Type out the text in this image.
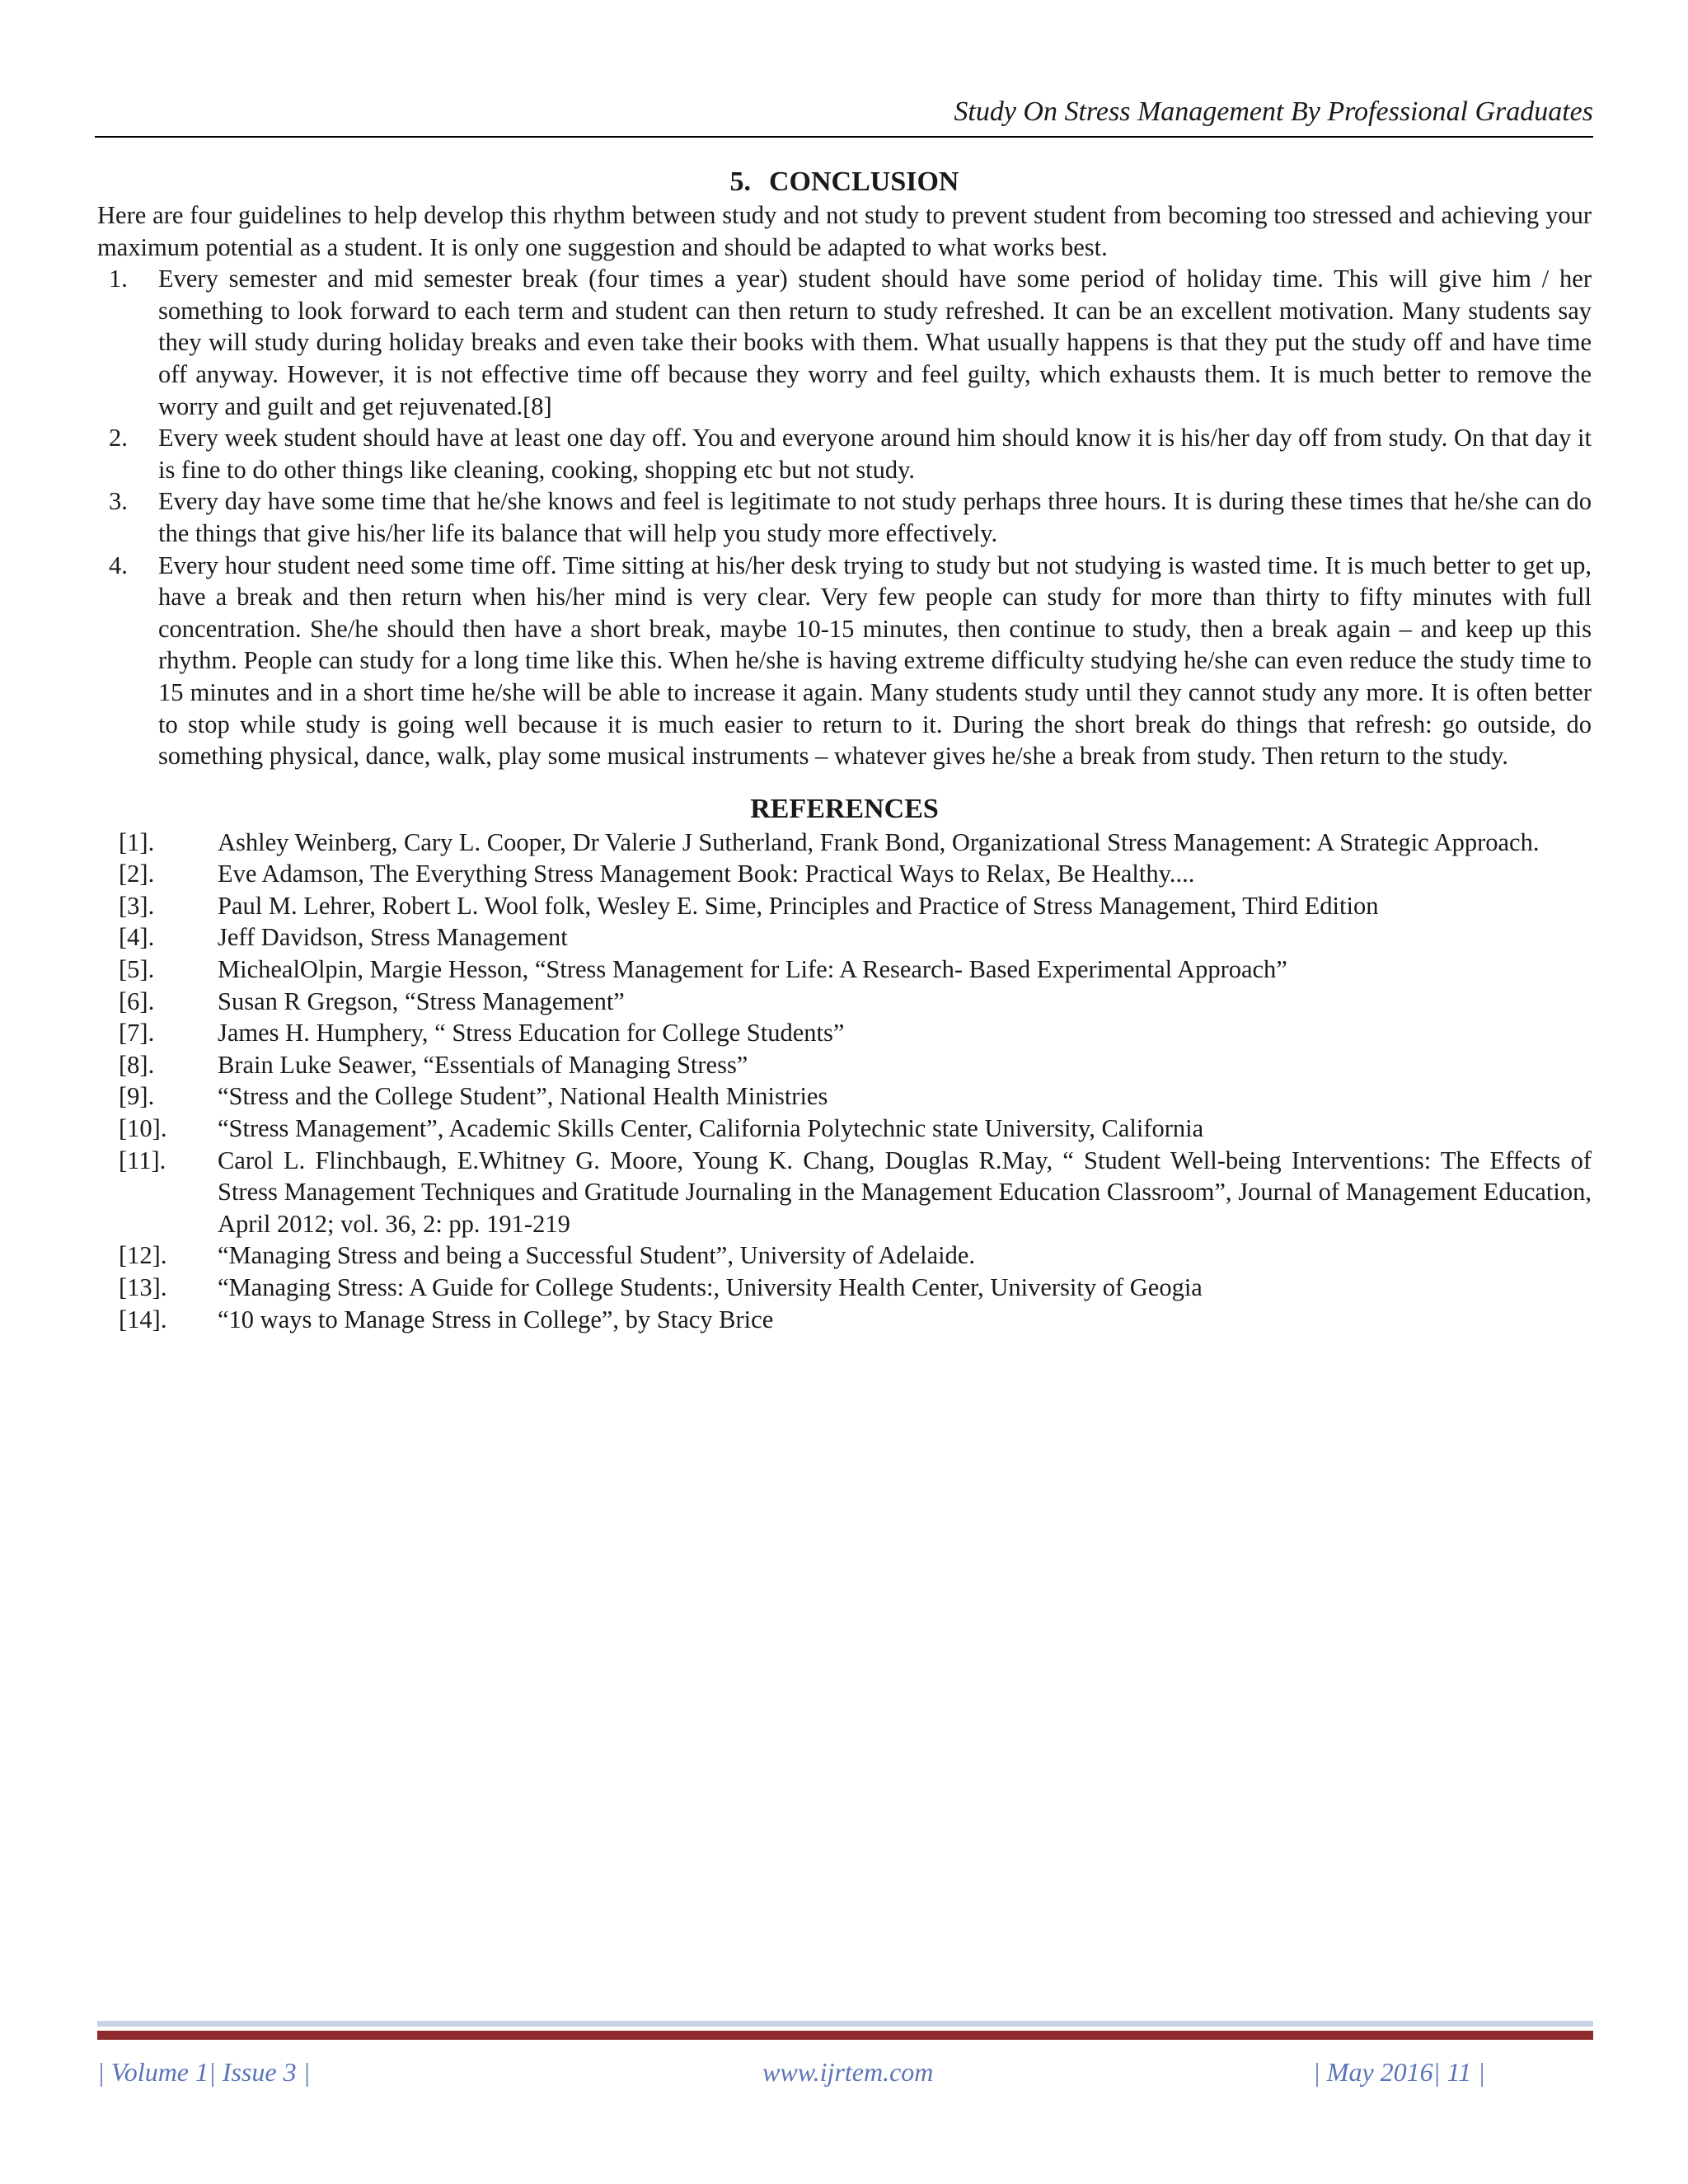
Study On Stress Management By Professional Graduates
5. CONCLUSION

Here are four guidelines to help develop this rhythm between study and not study to prevent student from becoming too stressed and achieving your maximum potential as a student. It is only one suggestion and should be adapted to what works best.

1. Every semester and mid semester break (four times a year) student should have some period of holiday time. This will give him / her something to look forward to each term and student can then return to study refreshed. It can be an excellent motivation. Many students say they will study during holiday breaks and even take their books with them. What usually happens is that they put the study off and have time off anyway. However, it is not effective time off because they worry and feel guilty, which exhausts them. It is much better to remove the worry and guilt and get rejuvenated.[8]
2. Every week student should have at least one day off. You and everyone around him should know it is his/her day off from study. On that day it is fine to do other things like cleaning, cooking, shopping etc but not study.
3. Every day have some time that he/she knows and feel is legitimate to not study perhaps three hours. It is during these times that he/she can do the things that give his/her life its balance that will help you study more effectively.
4. Every hour student need some time off. Time sitting at his/her desk trying to study but not studying is wasted time. It is much better to get up, have a break and then return when his/her mind is very clear. Very few people can study for more than thirty to fifty minutes with full concentration. She/he should then have a short break, maybe 10-15 minutes, then continue to study, then a break again – and keep up this rhythm. People can study for a long time like this. When he/she is having extreme difficulty studying he/she can even reduce the study time to 15 minutes and in a short time he/she will be able to increase it again. Many students study until they cannot study any more. It is often better to stop while study is going well because it is much easier to return to it. During the short break do things that refresh: go outside, do something physical, dance, walk, play some musical instruments – whatever gives he/she a break from study. Then return to the study.
REFERENCES
[1].	Ashley Weinberg, Cary L. Cooper, Dr Valerie J Sutherland, Frank Bond, Organizational Stress Management: A Strategic Approach.
[2].	Eve Adamson, The Everything Stress Management Book: Practical Ways to Relax, Be Healthy....
[3].	Paul M. Lehrer, Robert L. Wool folk, Wesley E. Sime, Principles and Practice of Stress Management, Third Edition
[4].	Jeff Davidson, Stress Management
[5].	MichealOlpin, Margie Hesson, “Stress Management for Life: A Research- Based Experimental Approach”
[6].	Susan R Gregson, “Stress Management”
[7].	James H. Humphery, “ Stress Education for College Students”
[8].	Brain Luke Seawer, “Essentials of Managing Stress”
[9].	“Stress and the College Student”, National Health Ministries
[10]. “Stress Management”, Academic Skills Center, California Polytechnic state University, California
[11]. Carol L. Flinchbaugh, E.Whitney G. Moore, Young K. Chang, Douglas R.May, “ Student Well-being Interventions: The Effects of Stress Management Techniques and Gratitude Journaling in the Management Education Classroom”, Journal of Management Education, April 2012; vol. 36, 2: pp. 191-219
[12]. “Managing Stress and being a Successful Student”, University of Adelaide.
[13]. “Managing Stress: A Guide for College Students:, University Health Center, University of Geogia
[14]. “10 ways to Manage Stress in College”, by Stacy Brice
| Volume 1| Issue 3 |	www.ijrtem.com	| May 2016| 11 |
